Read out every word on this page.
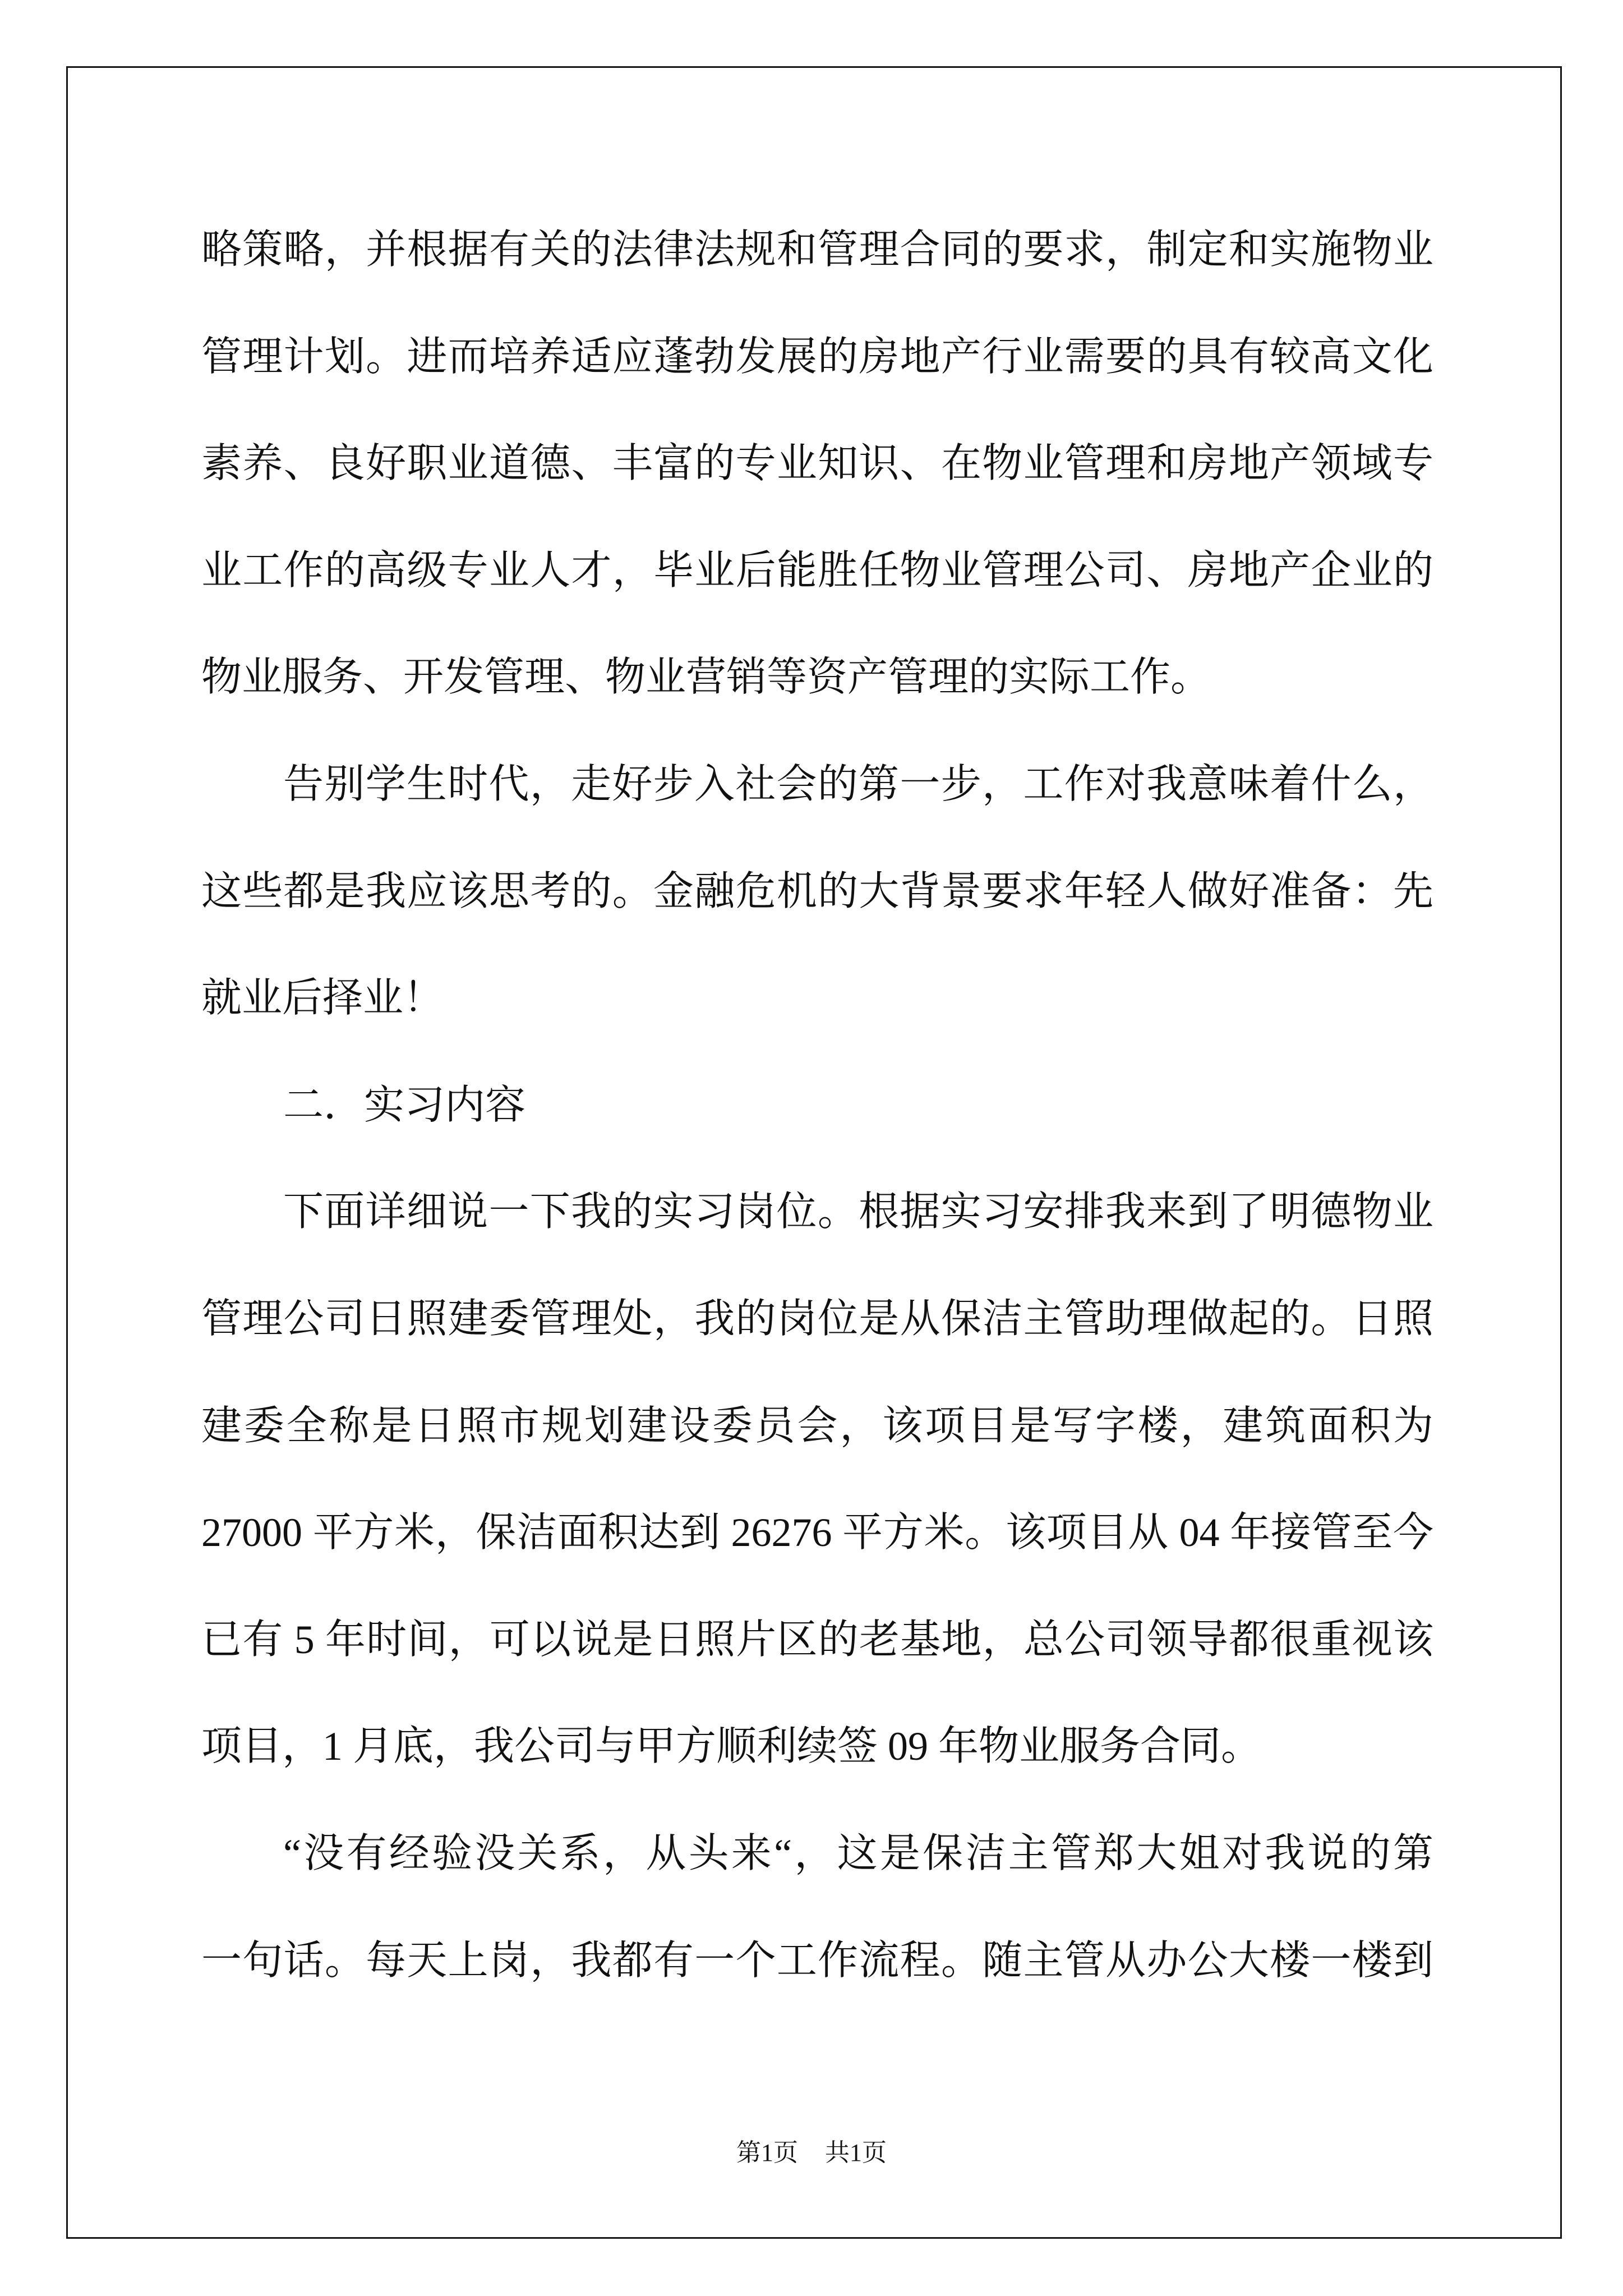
略策略，并根据有关的法律法规和管理合同的要求，制定和实施物业
管理计划。进而培养适应蓬勃发展的房地产行业需要的具有较高文化
素养、良好职业道德、丰富的专业知识、在物业管理和房地产领域专
业工作的高级专业人才，毕业后能胜任物业管理公司、房地产企业的
物业服务、开发管理、物业营销等资产管理的实际工作。
告别学生时代，走好步入社会的第一步，工作对我意味着什么，
这些都是我应该思考的。金融危机的大背景要求年轻人做好准备：先
就业后择业！
二．实习内容
下面详细说一下我的实习岗位。根据实习安排我来到了明德物业
管理公司日照建委管理处，我的岗位是从保洁主管助理做起的。日照
建委全称是日照市规划建设委员会，该项目是写字楼，建筑面积为
27000 平方米，保洁面积达到 26276 平方米。该项目从 04 年接管至今
已有 5 年时间，可以说是日照片区的老基地，总公司领导都很重视该
项目，1 月底，我公司与甲方顺利续签 09 年物业服务合同。
“没有经验没关系，从头来“，这是保洁主管郑大姐对我说的第
一句话。每天上岗，我都有一个工作流程。随主管从办公大楼一楼到
第1页 共1页
